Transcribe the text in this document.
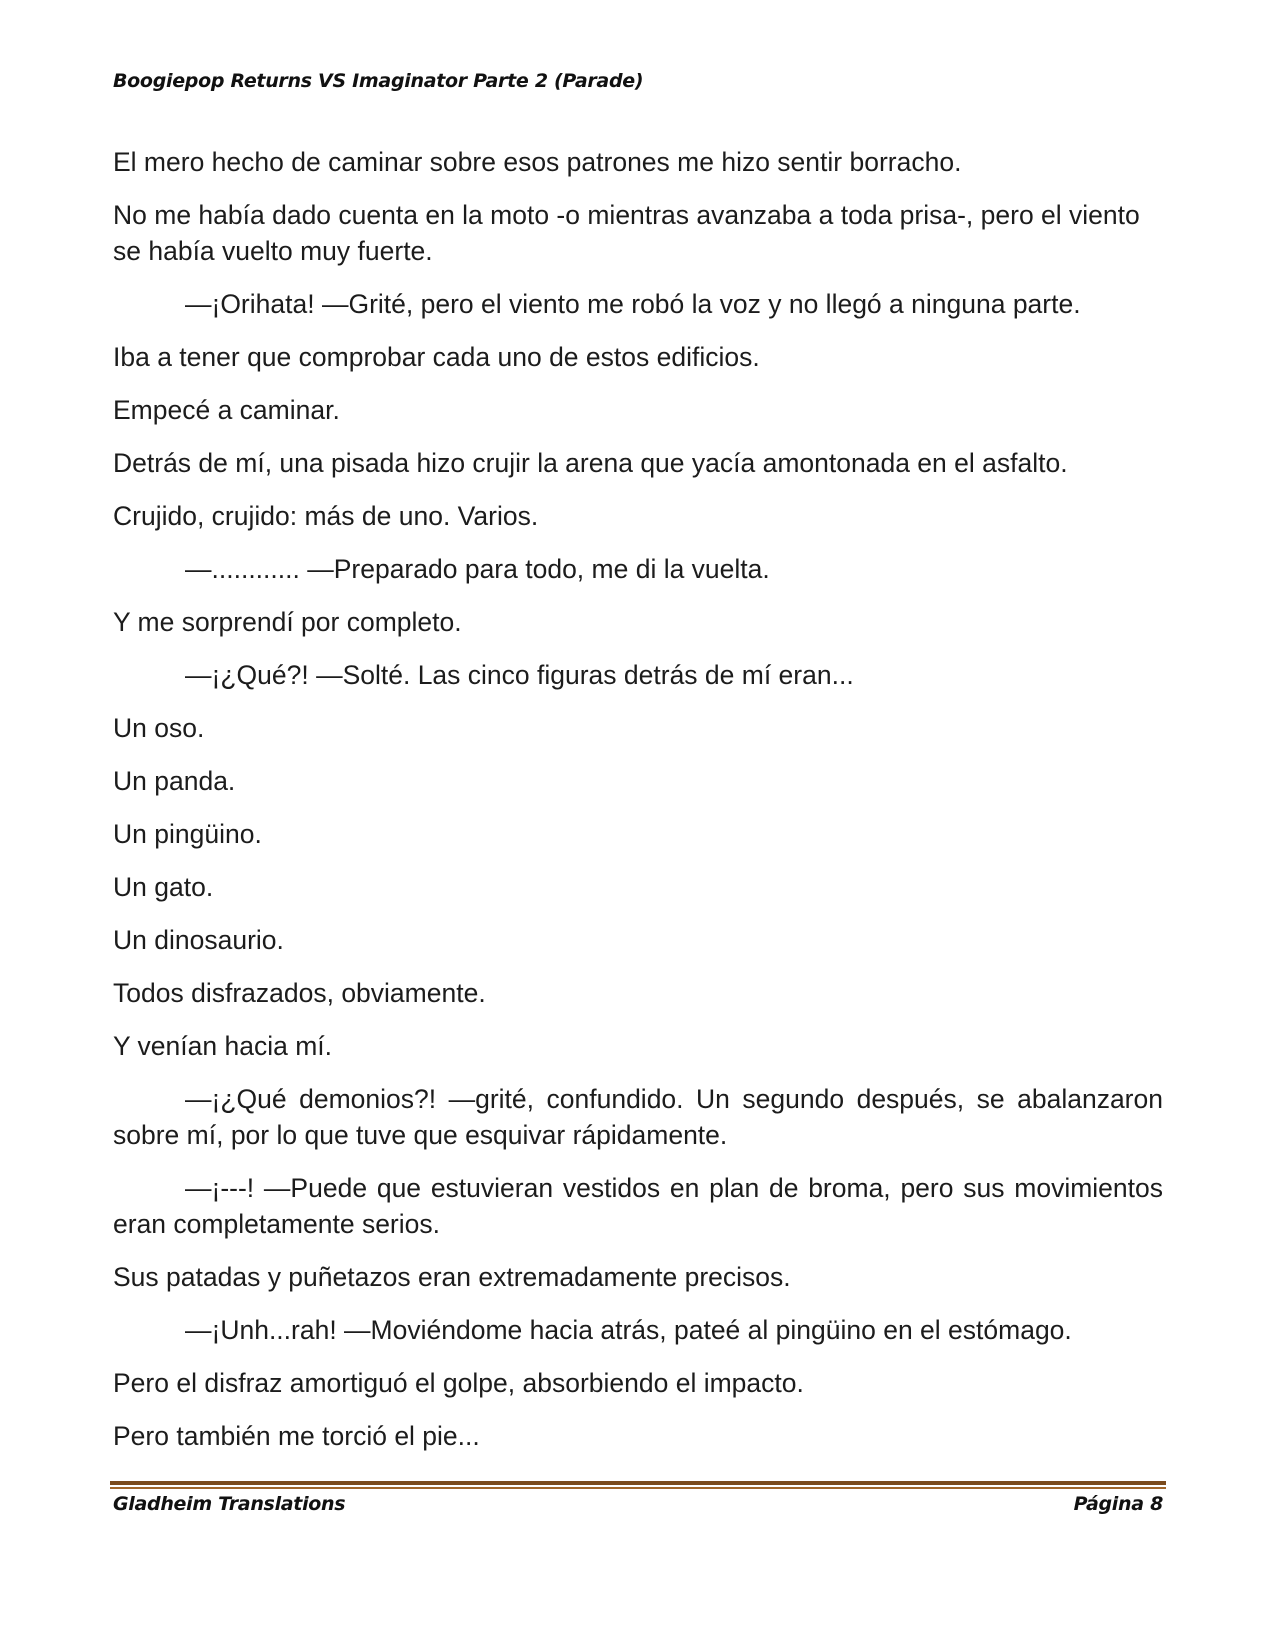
Boogiepop Returns VS Imaginator Parte 2 (Parade)

El mero hecho de caminar sobre esos patrones me hizo sentir borracho.

No me había dado cuenta en la moto -o mientras avanzaba a toda prisa-, pero el viento se había vuelto muy fuerte.

—¡Orihata! —Grité, pero el viento me robó la voz y no llegó a ninguna parte.

Iba a tener que comprobar cada uno de estos edificios.

Empecé a caminar.

Detrás de mí, una pisada hizo crujir la arena que yacía amontonada en el asfalto.

Crujido, crujido: más de uno. Varios.

—............ —Preparado para todo, me di la vuelta.

Y me sorprendí por completo.

—¡¿Qué?! —Solté. Las cinco figuras detrás de mí eran...

Un oso.

Un panda.

Un pingüino.

Un gato.

Un dinosaurio.

Todos disfrazados, obviamente.

Y venían hacia mí.

—¡¿Qué demonios?! —grité, confundido. Un segundo después, se abalanzaron sobre mí, por lo que tuve que esquivar rápidamente.

—¡---! —Puede que estuvieran vestidos en plan de broma, pero sus movimientos eran completamente serios.

Sus patadas y puñetazos eran extremadamente precisos.

—¡Unh...rah! —Moviéndome hacia atrás, pateé al pingüino en el estómago.

Pero el disfraz amortiguó el golpe, absorbiendo el impacto.

Pero también me torció el pie...

Gladheim Translations	Página 8
